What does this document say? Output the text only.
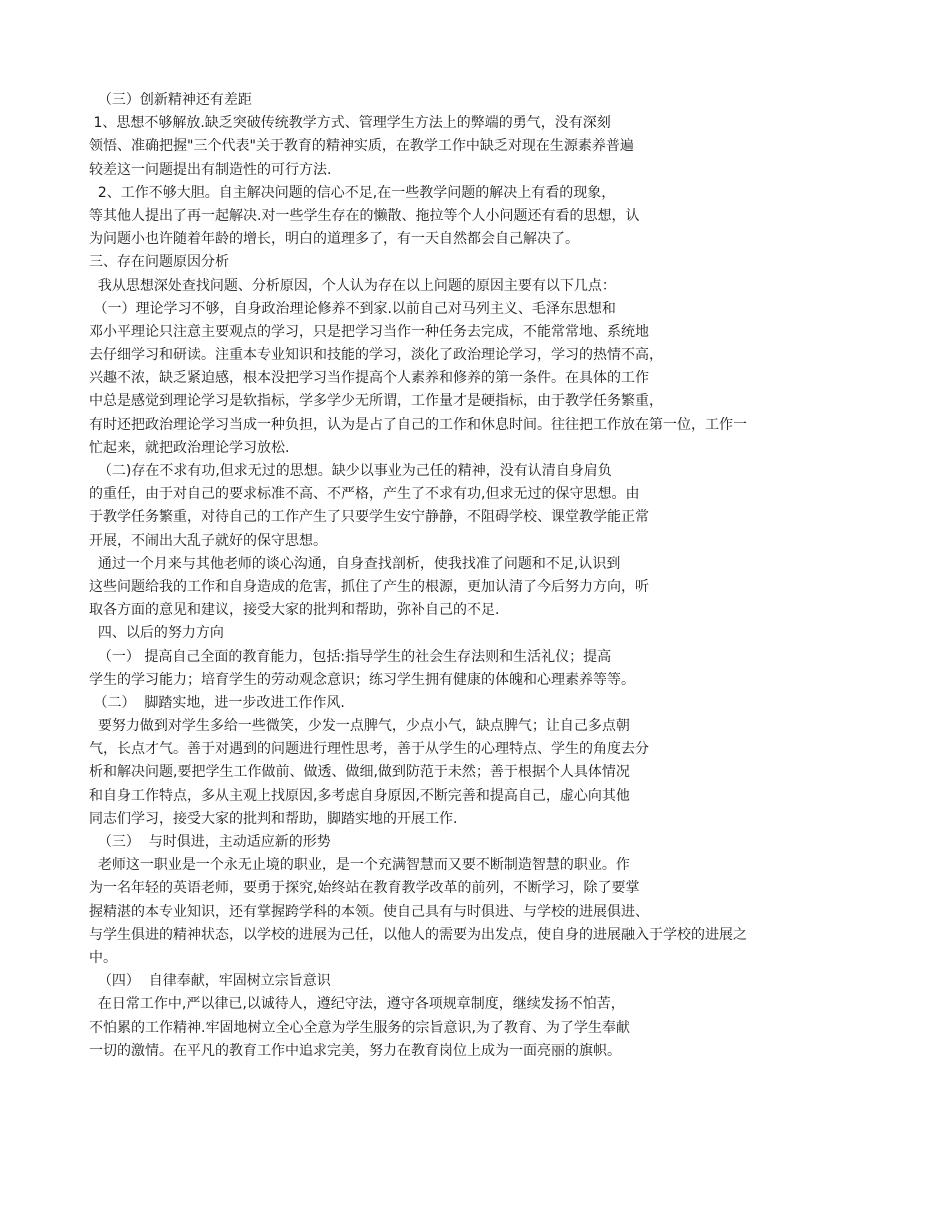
（三）创新精神还有差距
1、思想不够解放.缺乏突破传统教学方式、管理学生方法上的弊端的勇气，没有深刻
领悟、准确把握"三个代表"关于教育的精神实质，在教学工作中缺乏对现在生源素养普遍
较差这一问题提出有制造性的可行方法.
2、工作不够大胆。自主解决问题的信心不足,在一些教学问题的解决上有看的现象，
等其他人提出了再一起解决.对一些学生存在的懒散、拖拉等个人小问题还有看的思想，认
为问题小也许随着年龄的增长，明白的道理多了，有一天自然都会自己解决了。
三、存在问题原因分析
我从思想深处查找问题、分析原因，个人认为存在以上问题的原因主要有以下几点：
（一）理论学习不够，自身政治理论修养不到家.以前自己对马列主义、毛泽东思想和
邓小平理论只注意主要观点的学习，只是把学习当作一种任务去完成，不能常常地、系统地
去仔细学习和研读。注重本专业知识和技能的学习，淡化了政治理论学习，学习的热情不高，
兴趣不浓，缺乏紧迫感，根本没把学习当作提高个人素养和修养的第一条件。在具体的工作
中总是感觉到理论学习是软指标，学多学少无所谓，工作量才是硬指标，由于教学任务繁重，
有时还把政治理论学习当成一种负担，认为是占了自己的工作和休息时间。往往把工作放在第一位，工作一
忙起来，就把政治理论学习放松.
（二)存在不求有功,但求无过的思想。缺少以事业为己任的精神，没有认清自身肩负
的重任，由于对自己的要求标准不高、不严格，产生了不求有功,但求无过的保守思想。由
于教学任务繁重，对待自己的工作产生了只要学生安宁静静，不阻碍学校、课堂教学能正常
开展，不闹出大乱子就好的保守思想。
通过一个月来与其他老师的谈心沟通，自身查找剖析，使我找准了问题和不足,认识到
这些问题给我的工作和自身造成的危害，抓住了产生的根源，更加认清了今后努力方向，听
取各方面的意见和建议，接受大家的批判和帮助，弥补自己的不足.
四、以后的努力方向
（一） 提高自己全面的教育能力，包括:指导学生的社会生存法则和生活礼仪；提高
学生的学习能力；培育学生的劳动观念意识；练习学生拥有健康的体魄和心理素养等等。
（二）  脚踏实地，进一步改进工作作风.
要努力做到对学生多给一些微笑，少发一点脾气，少点小气，缺点脾气；让自己多点朝
气，长点才气。善于对遇到的问题进行理性思考，善于从学生的心理特点、学生的角度去分
析和解决问题,要把学生工作做前、做透、做细,做到防范于未然；善于根据个人具体情况
和自身工作特点，多从主观上找原因,多考虑自身原因,不断完善和提高自己，虚心向其他
同志们学习，接受大家的批判和帮助，脚踏实地的开展工作.
（三）  与时俱进，主动适应新的形势
老师这一职业是一个永无止境的职业，是一个充满智慧而又要不断制造智慧的职业。作
为一名年轻的英语老师，要勇于探究,始终站在教育教学改革的前列，不断学习，除了要掌
握精湛的本专业知识，还有掌握跨学科的本领。使自己具有与时俱进、与学校的进展俱进、
与学生俱进的精神状态，以学校的进展为己任，以他人的需要为出发点，使自身的进展融入于学校的进展之
中。
（四）  自律奉献，牢固树立宗旨意识
在日常工作中,严以律已,以诚待人，遵纪守法，遵守各项规章制度，继续发扬不怕苦，
不怕累的工作精神.牢固地树立全心全意为学生服务的宗旨意识,为了教育、为了学生奉献
一切的激情。在平凡的教育工作中追求完美，努力在教育岗位上成为一面亮丽的旗帜。
